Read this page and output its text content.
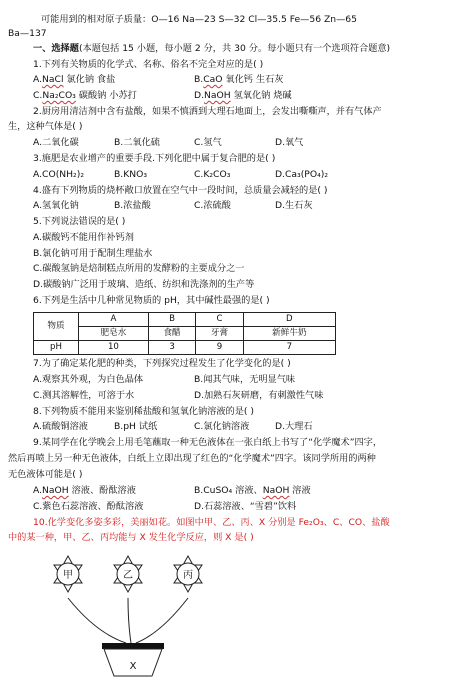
可能用到的相对原子质量：O—16 Na—23 S—32 Cl—35.5 Fe—56 Zn—65
Ba—137
一、选择题(本题包括 15 小题，每小题 2 分，共 30 分。每小题只有一个选项符合题意)
1.下列有关物质的化学式、名称、俗名不完全对应的是( )
A.NaCl 氯化钠 食盐	B.CaO 氧化钙 生石灰
C.Na₂CO₃ 碳酸钠 小苏打	D.NaOH 氢氧化钠 烧碱
2.厨房用清洁剂中含有盐酸，如果不慎洒到大理石地面上，会发出嘶嘶声，并有气体产
生，这种气体是( )
A.二氧化碳	B.二氧化硫	C.氢气	D.氧气
3.施肥是农业增产的重要手段.下列化肥中属于复合肥的是( )
A.CO(NH₂)₂	B.KNO₃	C.K₂CO₃	D.Ca₃(PO₄)₂
4.盛有下列物质的烧杯敞口放置在空气中一段时间，总质量会减轻的是( )
A.氢氧化钠	B.浓盐酸	C.浓硫酸	D.生石灰
5.下列说法错误的是( )
A.碳酸钙不能用作补钙剂
B.氯化钠可用于配制生理盐水
C.碳酸氢钠是焙制糕点所用的发酵粉的主要成分之一
D.碳酸钠广泛用于玻璃、造纸、纺织和洗涤剂的生产等
6.下列是生活中几种常见物质的 pH，其中碱性最强的是( )
物质	A	B	C	D
	肥皂水	食醋	牙膏	新鲜牛奶
pH	10	3	9	7
7.为了确定某化肥的种类，下列探究过程发生了化学变化的是( )
A.观察其外观，为白色晶体	B.闻其气味，无明显气味
C.测其溶解性，可溶于水	D.加熟石灰研磨，有刺激性气味
8.下列物质不能用来鉴别稀盐酸和氢氧化钠溶液的是( )
A.硫酸铜溶液	B.pH 试纸	C.氯化钠溶液	D.大理石
9.某同学在化学晚会上用毛笔蘸取一种无色液体在一张白纸上书写了“化学魔术”四字，
然后再喷上另一种无色液体，白纸上立即出现了红色的“化学魔术”四字。该同学所用的两种
无色液体可能是( )
A.NaOH 溶液、酚酞溶液	B.CuSO₄ 溶液、NaOH 溶液
C.紫色石蕊溶液、酚酞溶液	D.石蕊溶液、“雪碧”饮料
10.化学变化多姿多彩，美丽如花。如图中甲、乙、丙、X 分别是 Fe₂O₃、C、CO、盐酸
中的某一种，甲、乙、丙均能与 X 发生化学反应，则 X 是( )
甲	乙	丙
X
